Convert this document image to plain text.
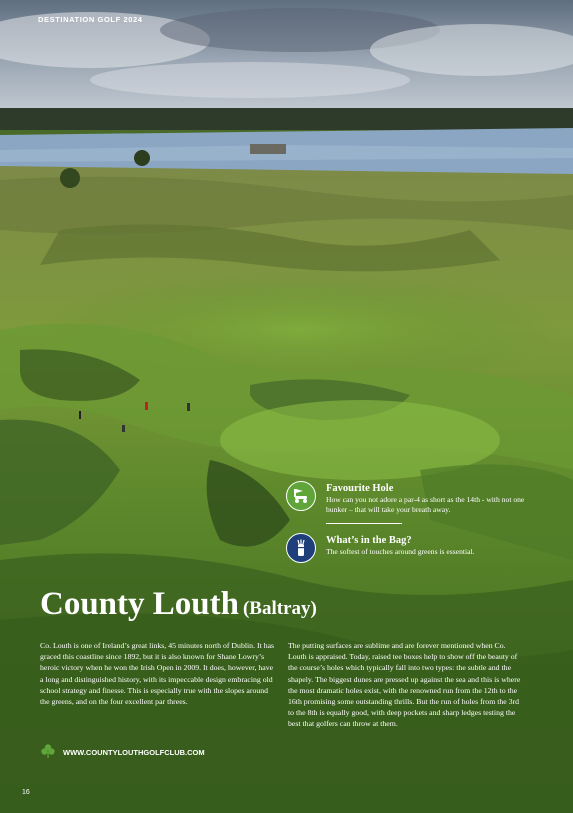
DESTINATION GOLF 2024
Favourite Hole
How can you not adore a par-4 as short as the 14th - with not one bunker – that will take your breath away.
What’s in the Bag?
The softest of touches around greens is essential.
County Louth (Baltray)
Co. Louth is one of Ireland’s great links, 45 minutes north of Dublin. It has graced this coastline since 1892, but it is also known for Shane Lowry’s heroic victory when he won the Irish Open in 2009. It does, however, have a long and distinguished history, with its impeccable design embracing old school strategy and finesse. This is especially true with the slopes around the greens, and on the four excellent par threes.
The putting surfaces are sublime and are forever mentioned when Co. Louth is appraised. Today, raised tee boxes help to show off the beauty of the course’s holes which typically fall into two types: the subtle and the shapely. The biggest dunes are pressed up against the sea and this is where the most dramatic holes exist, with the renowned run from the 12th to the 16th promising some outstanding thrills. But the run of holes from the 3rd to the 8th is equally good, with deep pockets and sharp ledges testing the best that golfers can throw at them.
WWW.COUNTYLOUTHGOLFCLUB.COM
16
